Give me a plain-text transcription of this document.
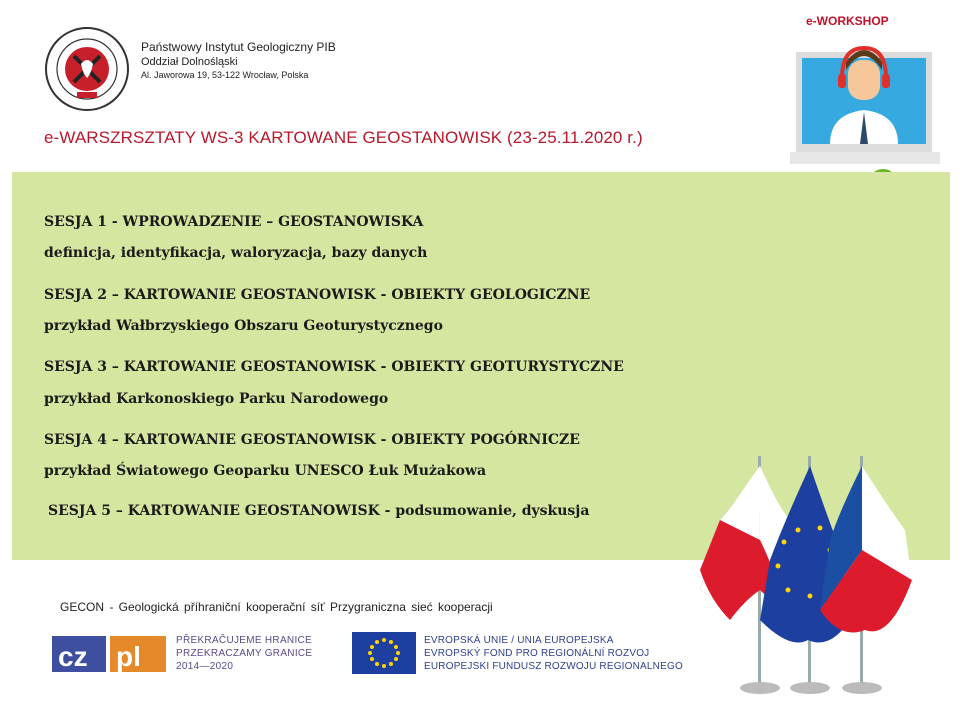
Państwowy Instytut Geologiczny PIB
Oddział Dolnośląski
Al. Jaworowa 19, 53-122 Wrocław, Polska
e-WARSZRSZTATY WS-3 KARTOWANE GEOSTANOWISK (23-25.11.2020 r.)
e-WORKSHOP
SESJA 1 - WPROWADZENIE – GEOSTANOWISKA
definicja, identyfikacja, waloryzacja, bazy danych
SESJA 2 – KARTOWANIE GEOSTANOWISK - OBIEKTY GEOLOGICZNE
przykład Wałbrzyskiego Obszaru Geoturystycznego
SESJA 3 – KARTOWANIE GEOSTANOWISK - OBIEKTY GEOTURYSTYCZNE
przykład Karkonoskiego Parku Narodowego
SESJA 4 – KARTOWANIE GEOSTANOWISK - OBIEKTY POGÓRNICZE
przykład Światowego Geoparku UNESCO Łuk Mużakowa
SESJA 5 – KARTOWANIE GEOSTANOWISK - podsumowanie, dyskusja
GECON - Geologická příhraniční kooperační síť Przygraniczna sieć kooperacji
cz pl
PŘEKRAČUJEME HRANICE
PRZEKRACZAMY GRANICE
2014—2020
EVROPSKÁ UNIE / UNIA EUROPEJSKA
EVROPSKÝ FOND PRO REGIONÁLNÍ ROZVOJ
EUROPEJSKI FUNDUSZ ROZWOJU REGIONALNEGO
